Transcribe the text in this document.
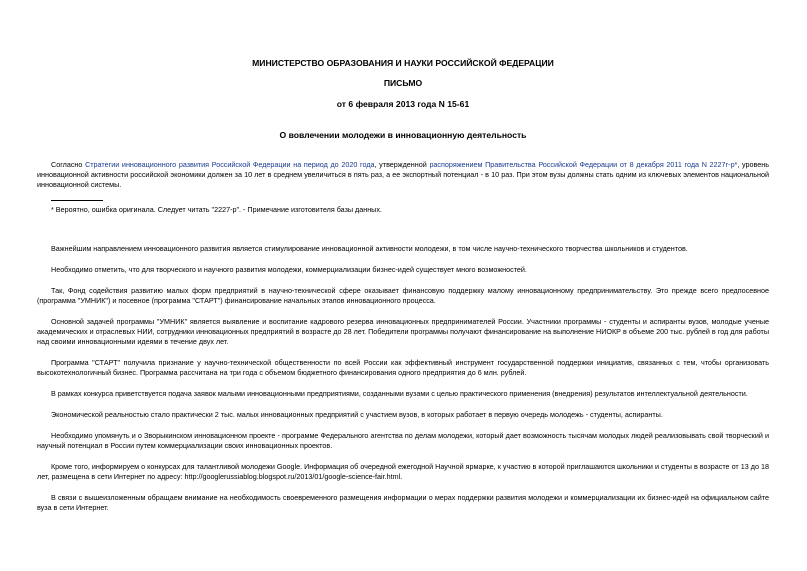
МИНИСТЕРСТВО ОБРАЗОВАНИЯ И НАУКИ РОССИЙСКОЙ ФЕДЕРАЦИИ
ПИСЬМО
от 6 февраля 2013 года N 15-61
О вовлечении молодежи в инновационную деятельность

Согласно Стратегии инновационного развития Российской Федерации на период до 2020 года, утвержденной распоряжением Правительства Российской Федерации от 8 декабря 2011 года N 2227г-р*, уровень инновационной активности российской экономики должен за 10 лет в среднем увеличиться в пять раз, а ее экспортный потенциал - в 10 раз. При этом вузы должны стать одним из ключевых элементов национальной инновационной системы.

* Вероятно, ошибка оригинала. Следует читать "2227-р". - Примечание изготовителя базы данных.

Важнейшим направлением инновационного развития является стимулирование инновационной активности молодежи, в том числе научно-технического творчества школьников и студентов.

Необходимо отметить, что для творческого и научного развития молодежи, коммерциализации бизнес-идей существует много возможностей.

Так, Фонд содействия развитию малых форм предприятий в научно-технической сфере оказывает финансовую поддержку малому инновационному предпринимательству. Это прежде всего предпосевное (программа "УМНИК") и посевное (программа "СТАРТ") финансирование начальных этапов инновационного процесса.

Основной задачей программы "УМНИК" является выявление и воспитание кадрового резерва инновационных предпринимателей России. Участники программы - студенты и аспиранты вузов, молодые ученые академических и отраслевых НИИ, сотрудники инновационных предприятий в возрасте до 28 лет. Победители программы получают финансирование на выполнение НИОКР в объеме 200 тыс. рублей в год для работы над своими инновационными идеями в течение двух лет.

Программа "СТАРТ" получила признание у научно-технической общественности по всей России как эффективный инструмент государственной поддержки инициатив, связанных с тем, чтобы организовать высокотехнологичный бизнес. Программа рассчитана на три года с объемом бюджетного финансирования одного предприятия до 6 млн. рублей.

В рамках конкурса приветствуется подача заявок малыми инновационными предприятиями, созданными вузами с целью практического применения (внедрения) результатов интеллектуальной деятельности.

Экономической реальностью стало практически 2 тыс. малых инновационных предприятий с участием вузов, в которых работает в первую очередь молодежь - студенты, аспиранты.

Необходимо упомянуть и о Зворыкинском инновационном проекте - программе Федерального агентства по делам молодежи, который дает возможность тысячам молодых людей реализовывать свой творческий и научный потенциал в России путем коммерциализации своих инновационных проектов.

Кроме того, информируем о конкурсах для талантливой молодежи Google. Информация об очередной ежегодной Научной ярмарке, к участию в которой приглашаются школьники и студенты в возрасте от 13 до 18 лет, размещена в сети Интернет по адресу: http://googlerussiablog.blogspot.ru/2013/01/google-science-fair.html.

В связи с вышеизложенным обращаем внимание на необходимость своевременного размещения информации о мерах поддержки развития молодежи и коммерциализации их бизнес-идей на официальном сайте вуза в сети Интернет.
